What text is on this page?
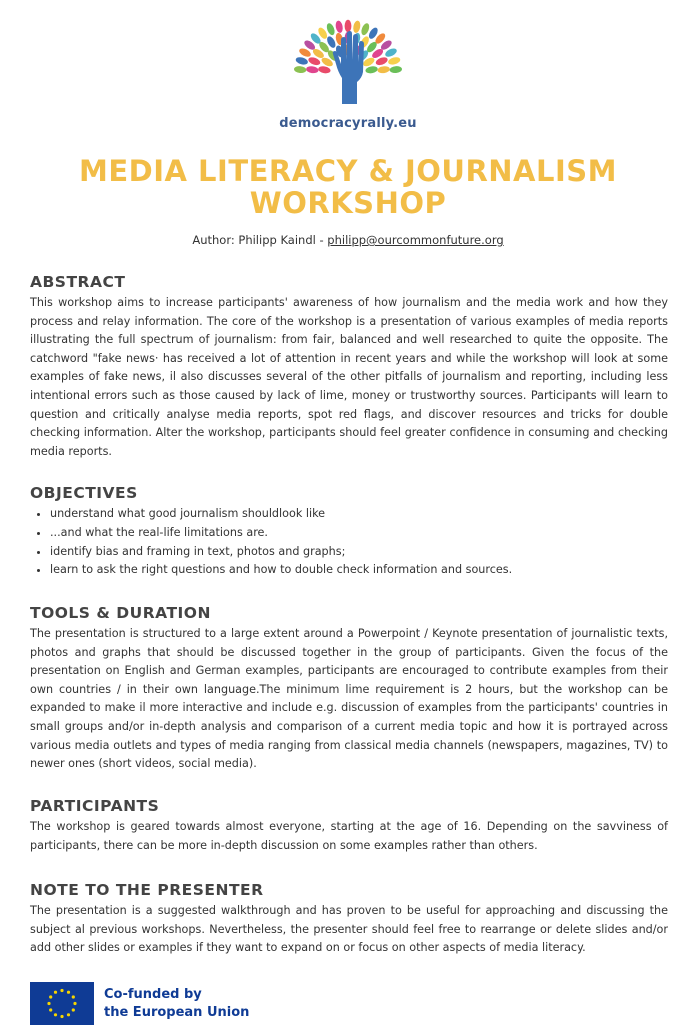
democracyrally.eu
MEDIA LITERACY & JOURNALISM
WORKSHOP
Author: Philipp Kaindl - philipp@ourcommonfuture.org
ABSTRACT

This workshop aims to increase participants' awareness of how journalism and the media work and how they process and relay information. The core of the workshop is a presentation of various examples of media reports illustrating the full spectrum of journalism: from fair, balanced and well researched to quite the opposite. The catchword "fake news· has received a lot of attention in recent years and while the workshop will look at some examples of fake news, il also discusses several of the other pitfalls of journalism and reporting, including less intentional errors such as those caused by lack of lime, money or trustworthy sources. Participants will learn to question and critically analyse media reports, spot red flags, and discover resources and tricks for double checking information. Alter the workshop, participants should feel greater confidence in consuming and checking media reports.

OBJECTIVES
• understand what good journalism shouldlook like
• ...and what the real-life limitations are.
• identify bias and framing in text, photos and graphs;
• learn to ask the right questions and how to double check information and sources.
TOOLS & DURATION

The presentation is structured to a large extent around a Powerpoint / Keynote presentation of journalistic texts, photos and graphs that should be discussed together in the group of participants. Given the focus of the presentation on English and German examples, participants are encouraged to contribute examples from their own countries / in their own language.The minimum lime requirement is 2 hours, but the workshop can be expanded to make il more interactive and include e.g. discussion of examples from the participants' countries in small groups and/or in-depth analysis and comparison of a current media topic and how it is portrayed across various media outlets and types of media ranging from classical media channels (newspapers, magazines, TV) to newer ones (short videos, social media).

PARTICIPANTS

The workshop is geared towards almost everyone, starting at the age of 16. Depending on the savviness of participants, there can be more in-depth discussion on some examples rather than others.

NOTE TO THE PRESENTER

The presentation is a suggested walkthrough and has proven to be useful for approaching and discussing the subject al previous workshops. Nevertheless, the presenter should feel free to rearrange or delete slides and/or add other slides or examples if they want to expand on or focus on other aspects of media literacy.

Co-funded by
the European Union
